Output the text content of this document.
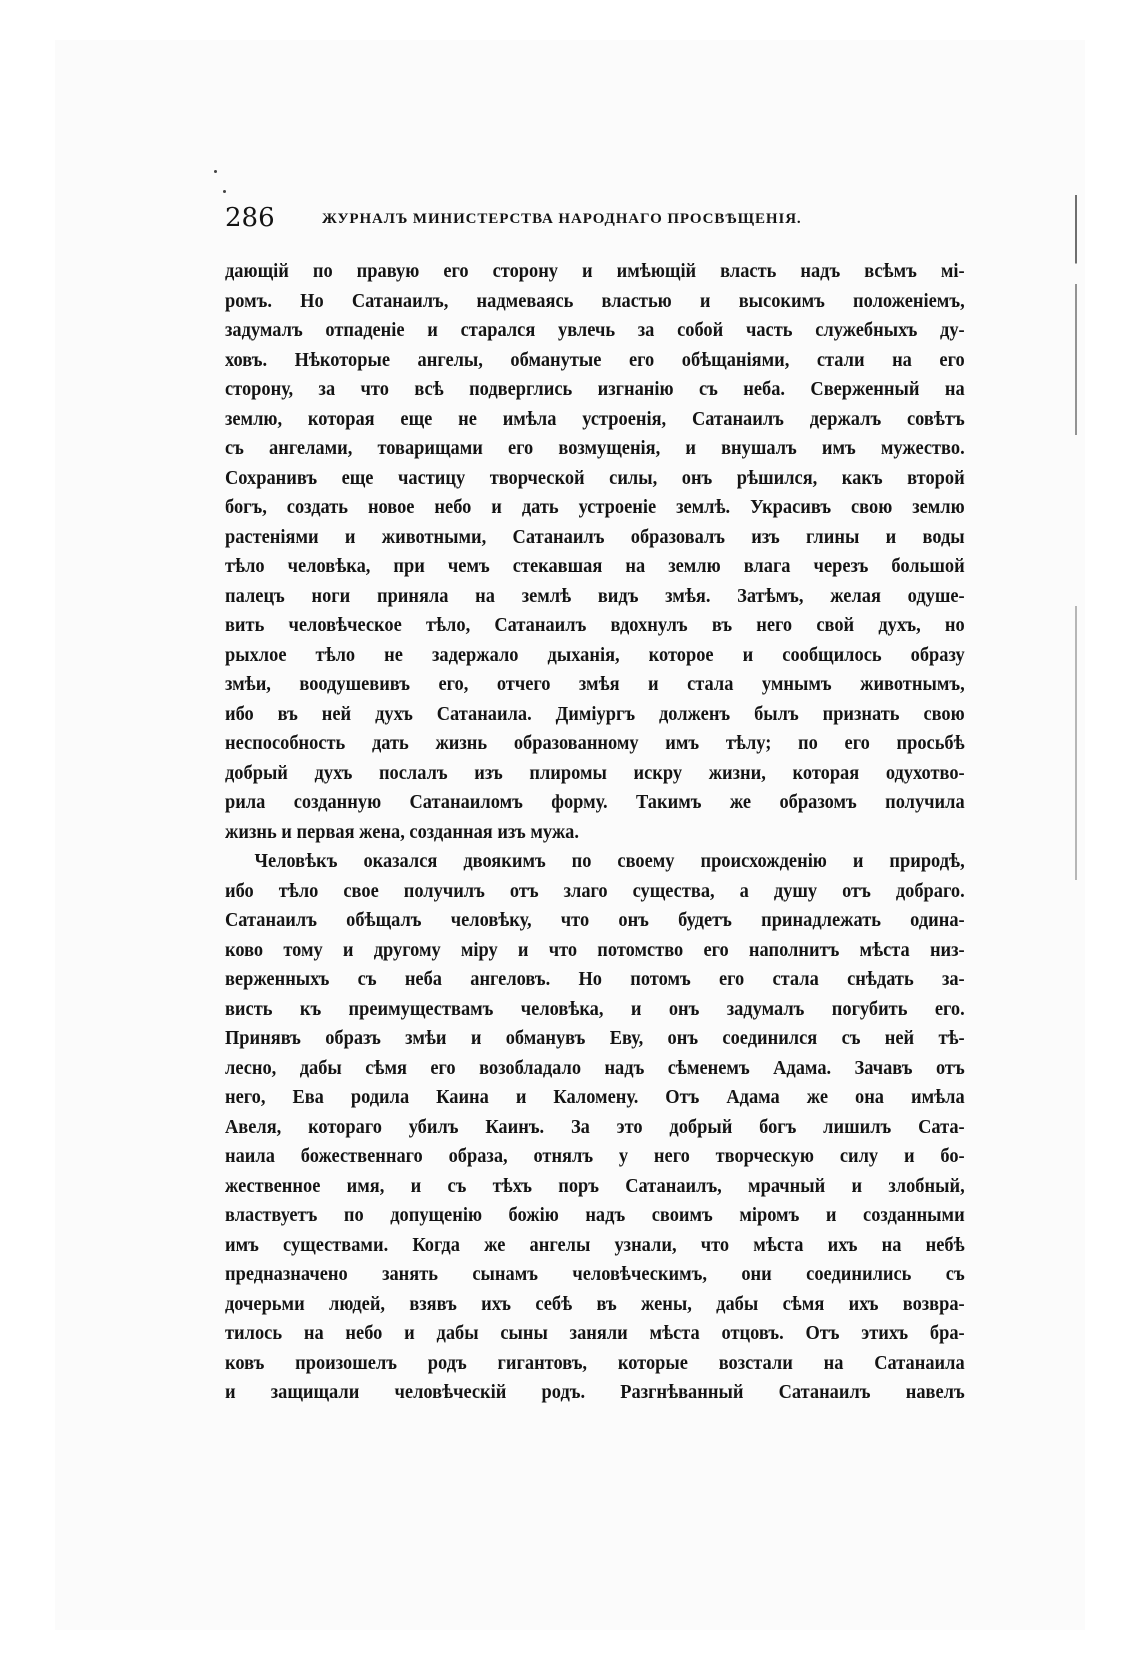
286	ЖУРНАЛЪ МИНИСТЕРСТВА НАРОДНАГО ПРОСВѢЩЕНІЯ.
дающій по правую его сторону и имѣющій власть надъ всѣмъ мі-
ромъ. Но Сатанаилъ, надмеваясь властью и высокимъ положеніемъ,
задумалъ отпаденіе и старался увлечь за собой часть служебныхъ ду-
ховъ. Нѣкоторые ангелы, обманутые его обѣщаніями, стали на его
сторону, за что всѣ подверглись изгнанію съ неба. Сверженный на
землю, которая еще не имѣла устроенія, Сатанаилъ держалъ совѣтъ
съ ангелами, товарищами его возмущенія, и внушалъ имъ мужество.
Сохранивъ еще частицу творческой силы, онъ рѣшился, какъ второй
богъ, создать новое небо и дать устроеніе землѣ. Украсивъ свою землю
растеніями и животными, Сатанаилъ образовалъ изъ глины и воды
тѣло человѣка, при чемъ стекавшая на землю влага черезъ большой
палецъ ноги приняла на землѣ видъ змѣя. Затѣмъ, желая одуше-
вить человѣческое тѣло, Сатанаилъ вдохнулъ въ него свой духъ, но
рыхлое тѣло не задержало дыханія, которое и сообщилось образу
змѣи, воодушевивъ его, отчего змѣя и стала умнымъ животнымъ,
ибо въ ней духъ Сатанаила. Диміургъ долженъ былъ признать свою
неспособность дать жизнь образованному имъ тѣлу; по его просьбѣ
добрый духъ послалъ изъ плиромы искру жизни, которая одухотво-
рила созданную Сатанаиломъ форму. Такимъ же образомъ получила
жизнь и первая жена, созданная изъ мужа.
Человѣкъ оказался двоякимъ по своему происхожденію и природѣ,
ибо тѣло свое получилъ отъ злаго существа, а душу отъ добраго.
Сатанаилъ обѣщалъ человѣку, что онъ будетъ принадлежать одина-
ково тому и другому міру и что потомство его наполнитъ мѣста низ-
верженныхъ съ неба ангеловъ. Но потомъ его стала снѣдать за-
висть къ преимуществамъ человѣка, и онъ задумалъ погубить его.
Принявъ образъ змѣи и обманувъ Еву, онъ соединился съ ней тѣ-
лесно, дабы сѣмя его возобладало надъ сѣменемъ Адама. Зачавъ отъ
него, Ева родила Каина и Каломену. Отъ Адама же она имѣла
Авеля, котораго убилъ Каинъ. За это добрый богъ лишилъ Сата-
наила божественнаго образа, отнялъ у него творческую силу и бо-
жественное имя, и съ тѣхъ поръ Сатанаилъ, мрачный и злобный,
властвуетъ по допущенію божію надъ своимъ міромъ и созданными
имъ существами. Когда же ангелы узнали, что мѣста ихъ на небѣ
предназначено занять сынамъ человѣческимъ, они соединились съ
дочерьми людей, взявъ ихъ себѣ въ жены, дабы сѣмя ихъ возвра-
тилось на небо и дабы сыны заняли мѣста отцовъ. Отъ этихъ бра-
ковъ произошелъ родъ гигантовъ, которые возстали на Сатанаила
и защищали человѣческій родъ. Разгнѣванный Сатанаилъ навелъ
